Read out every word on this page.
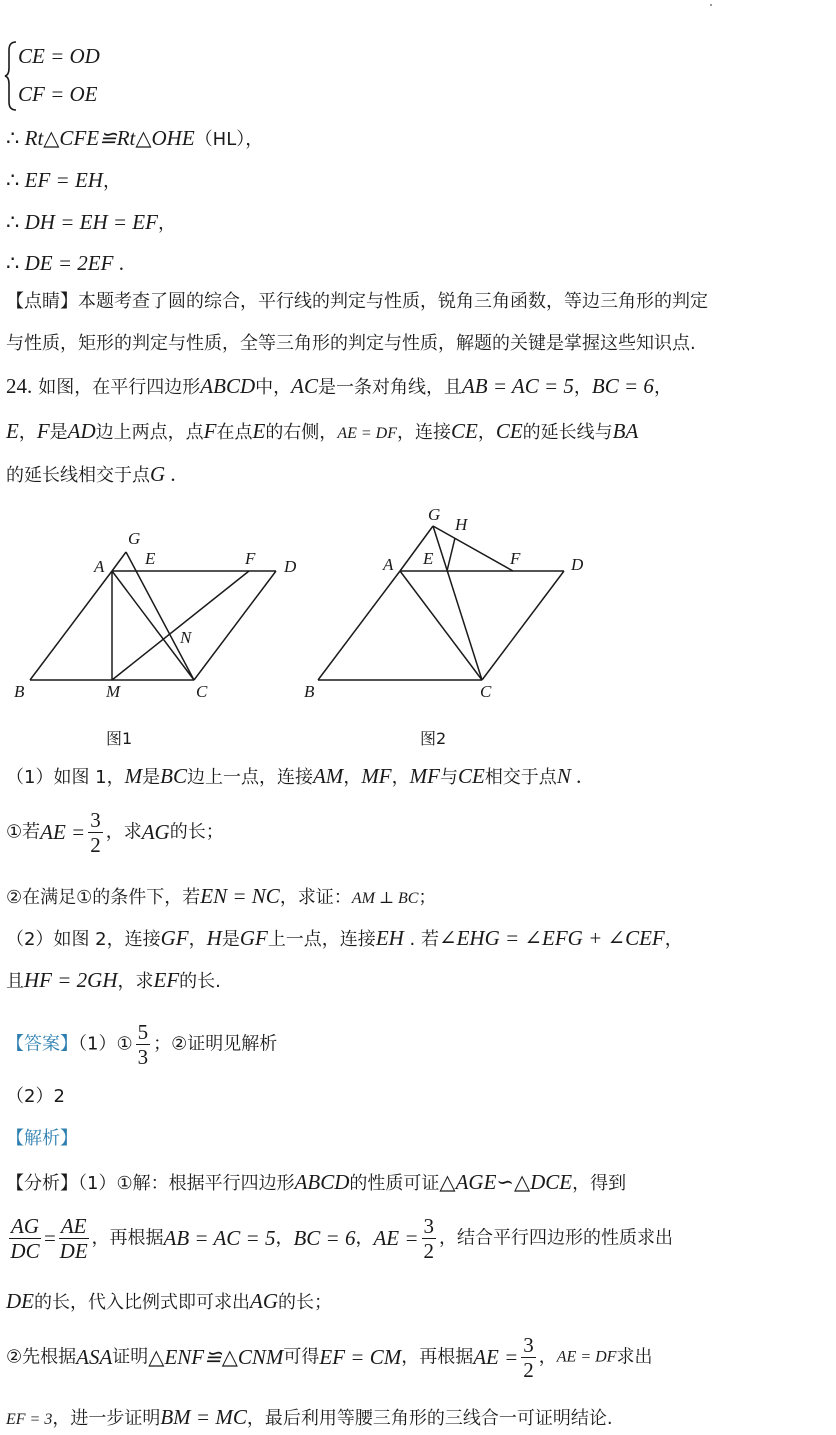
CE = OD
CF = OE
∴ Rt△CFE≌Rt△OHE（HL），
∴ EF = EH，
∴ DH = EH = EF，
∴ DE = 2EF .
【点睛】本题考查了圆的综合，平行线的判定与性质，锐角三角函数，等边三角形的判定
与性质，矩形的判定与性质，全等三角形的判定与性质，解题的关键是掌握这些知识点.
24. 如图，在平行四边形ABCD中，AC是一条对角线，且AB = AC = 5，BC = 6，
E，F是AD边上两点，点F在点E的右侧，AE = DF，连接CE，CE的延长线与BA
的延长线相交于点G .
G
A E	F D
N
B	M	C
图1
G
H
A E	F	D
B	C
图2
（1）如图 1，M是BC边上一点，连接AM，MF，MF与CE相交于点N .
①若AE = $\frac{3}{2}$ ，求AG的长；
②在满足①的条件下，若EN = NC，求证：AM ⊥ BC；
（2）如图 2，连接GF，H是GF上一点，连接EH . 若∠EHG = ∠EFG + ∠CEF，
且HF = 2GH，求EF的长.
【答案】（1）① $\frac{5}{3}$ ；②证明见解析
（2）2
【解析】
【分析】（1）①解：根据平行四边形ABCD的性质可证△AGE∽△DCE，得到
$\frac{AG}{DC} = \frac{AE}{DE}$ ，再根据AB = AC = 5，BC = 6，AE = $\frac{3}{2}$ ，结合平行四边形的性质求出
DE的长，代入比例式即可求出AG的长；
②先根据ASA证明△ENF≌△CNM可得EF = CM，再根据AE = $\frac{3}{2}$ ，AE = DF求出
EF = 3，进一步证明BM = MC，最后利用等腰三角形的三线合一可证明结论.
